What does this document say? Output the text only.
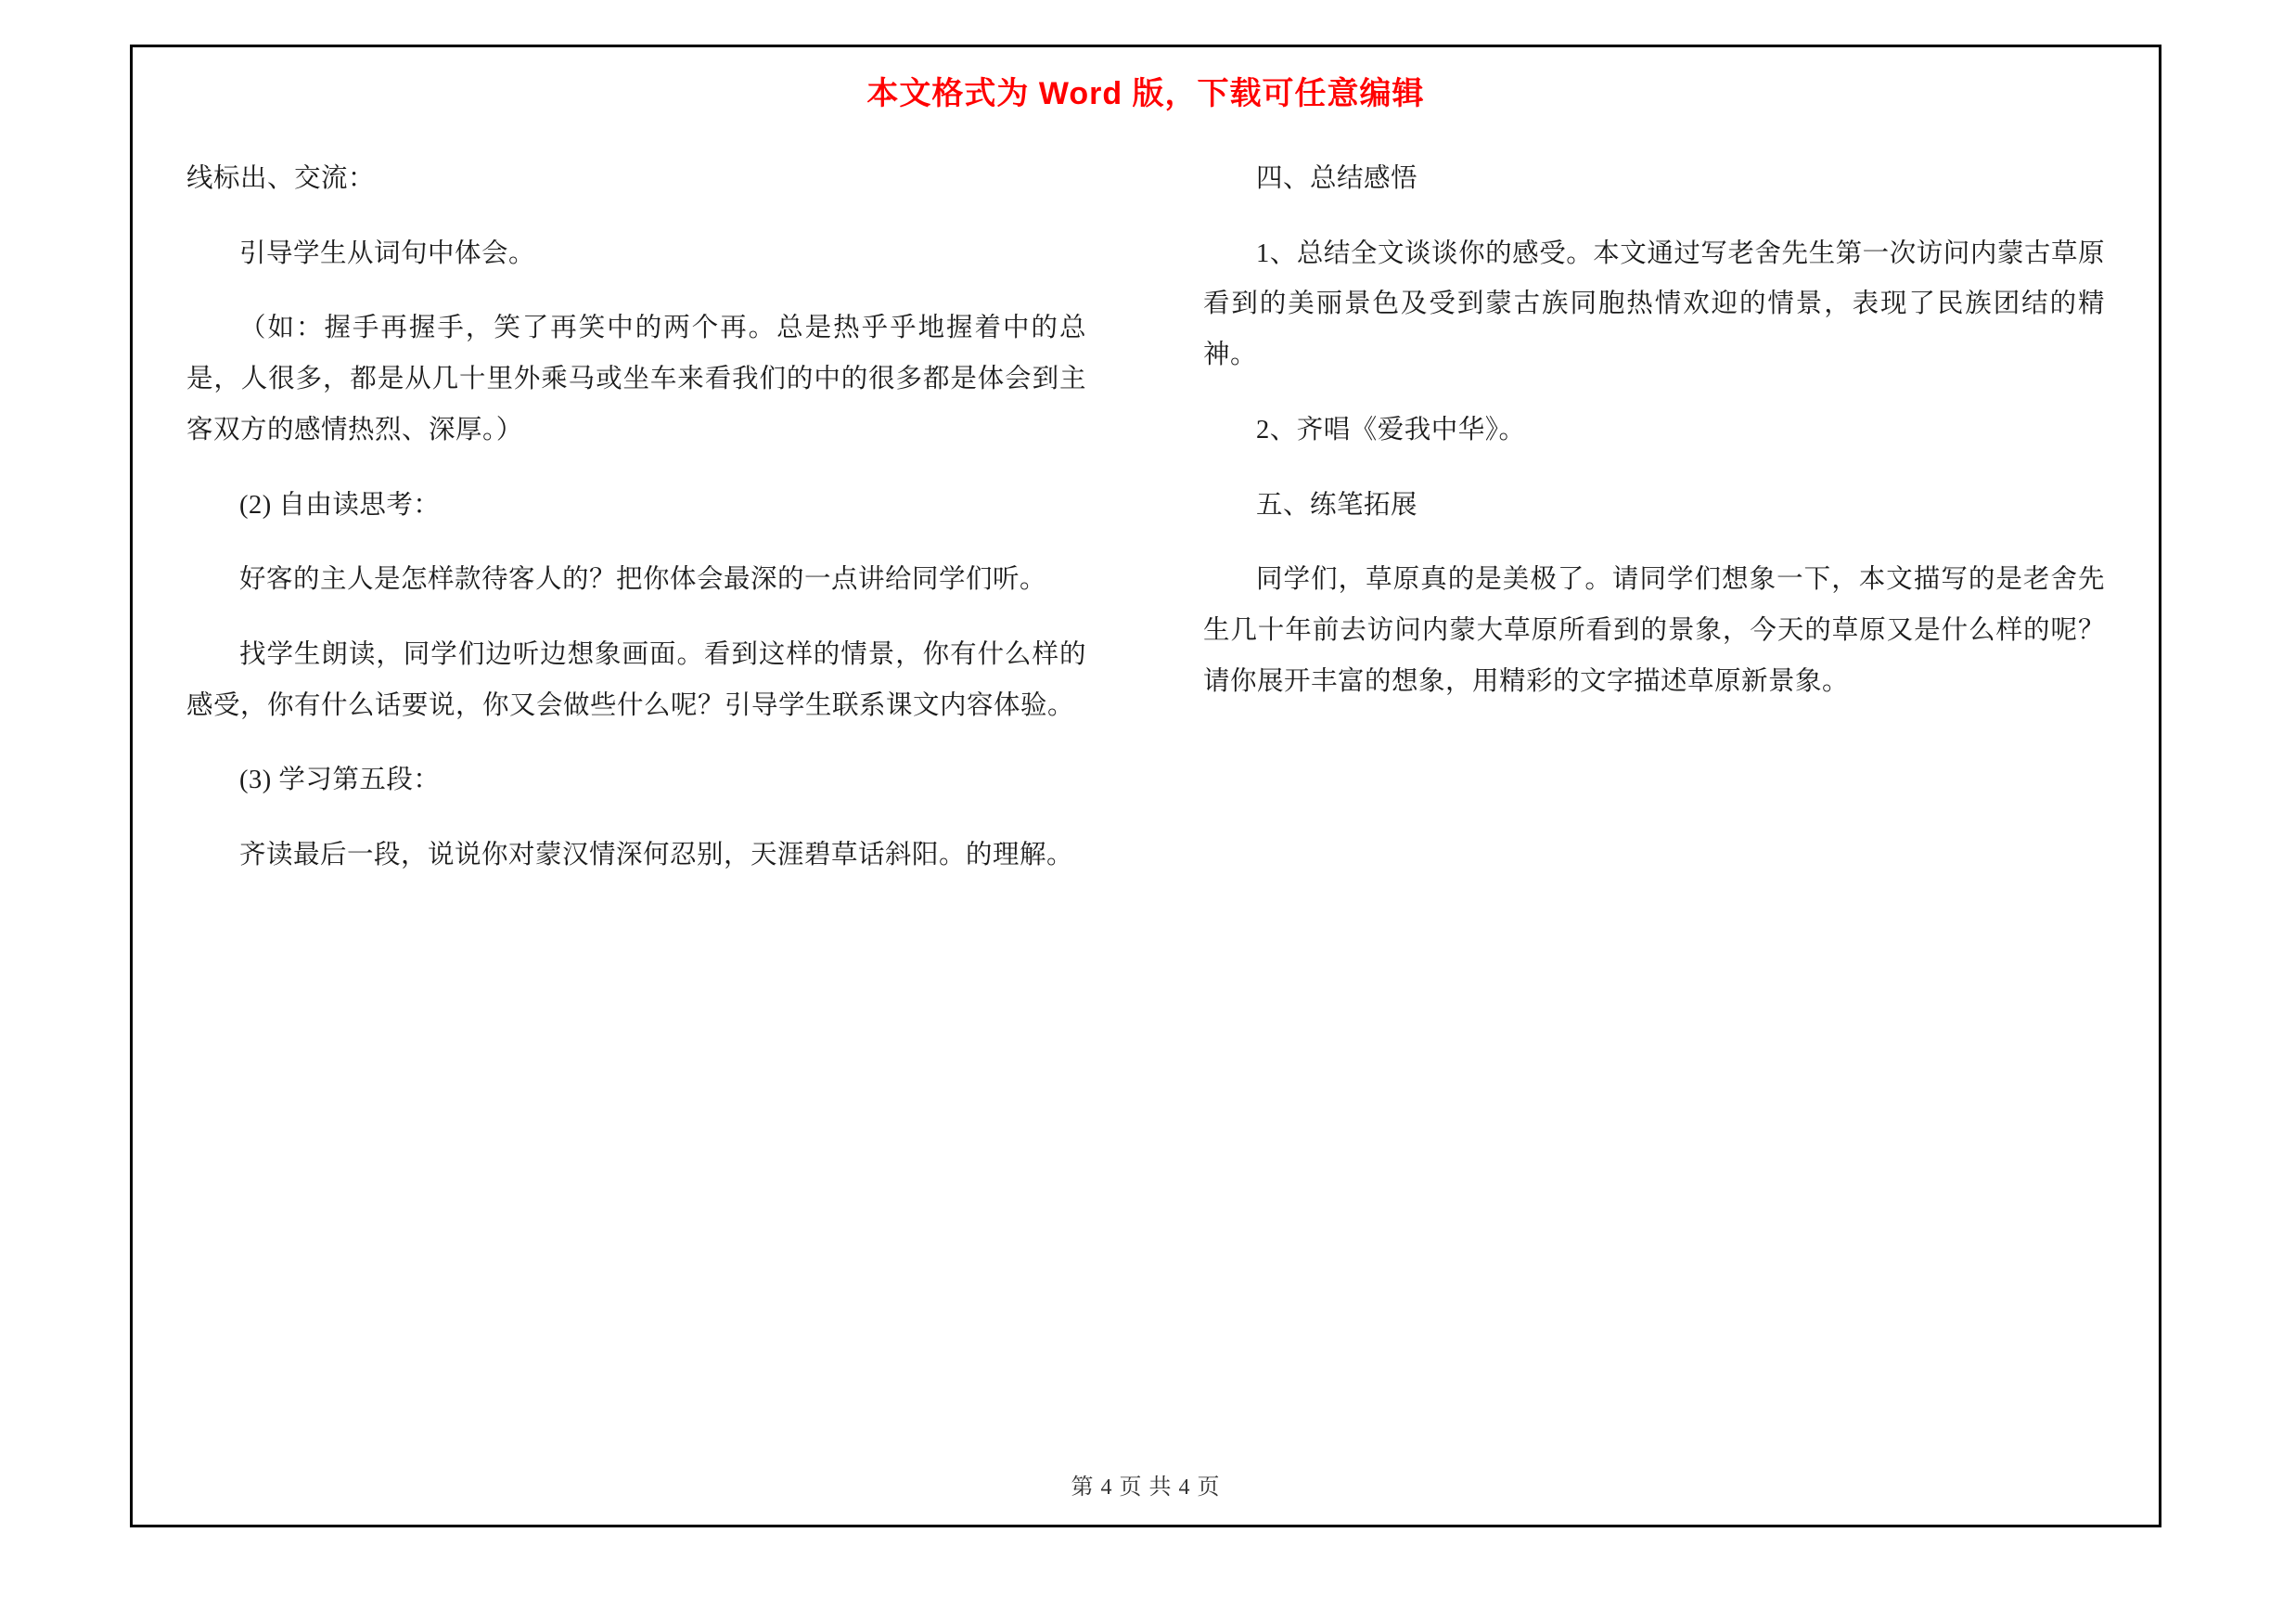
本文格式为 Word 版，下载可任意编辑

线标出、交流：

引导学生从词句中体会。

（如：握手再握手，笑了再笑中的两个再。总是热乎乎地握着中的总是，人很多，都是从几十里外乘马或坐车来看我们的中的很多都是体会到主客双方的感情热烈、深厚。）

(2) 自由读思考：

好客的主人是怎样款待客人的？把你体会最深的一点讲给同学们听。

找学生朗读，同学们边听边想象画面。看到这样的情景，你有什么样的感受，你有什么话要说，你又会做些什么呢？引导学生联系课文内容体验。

(3) 学习第五段：

齐读最后一段，说说你对蒙汉情深何忍别，天涯碧草话斜阳。的理解。

四、总结感悟

1、总结全文谈谈你的感受。本文通过写老舍先生第一次访问内蒙古草原看到的美丽景色及受到蒙古族同胞热情欢迎的情景，表现了民族团结的精神。

2、齐唱《爱我中华》。

五、练笔拓展

同学们，草原真的是美极了。请同学们想象一下，本文描写的是老舍先生几十年前去访问内蒙大草原所看到的景象，今天的草原又是什么样的呢？请你展开丰富的想象，用精彩的文字描述草原新景象。

第 4 页 共 4 页
